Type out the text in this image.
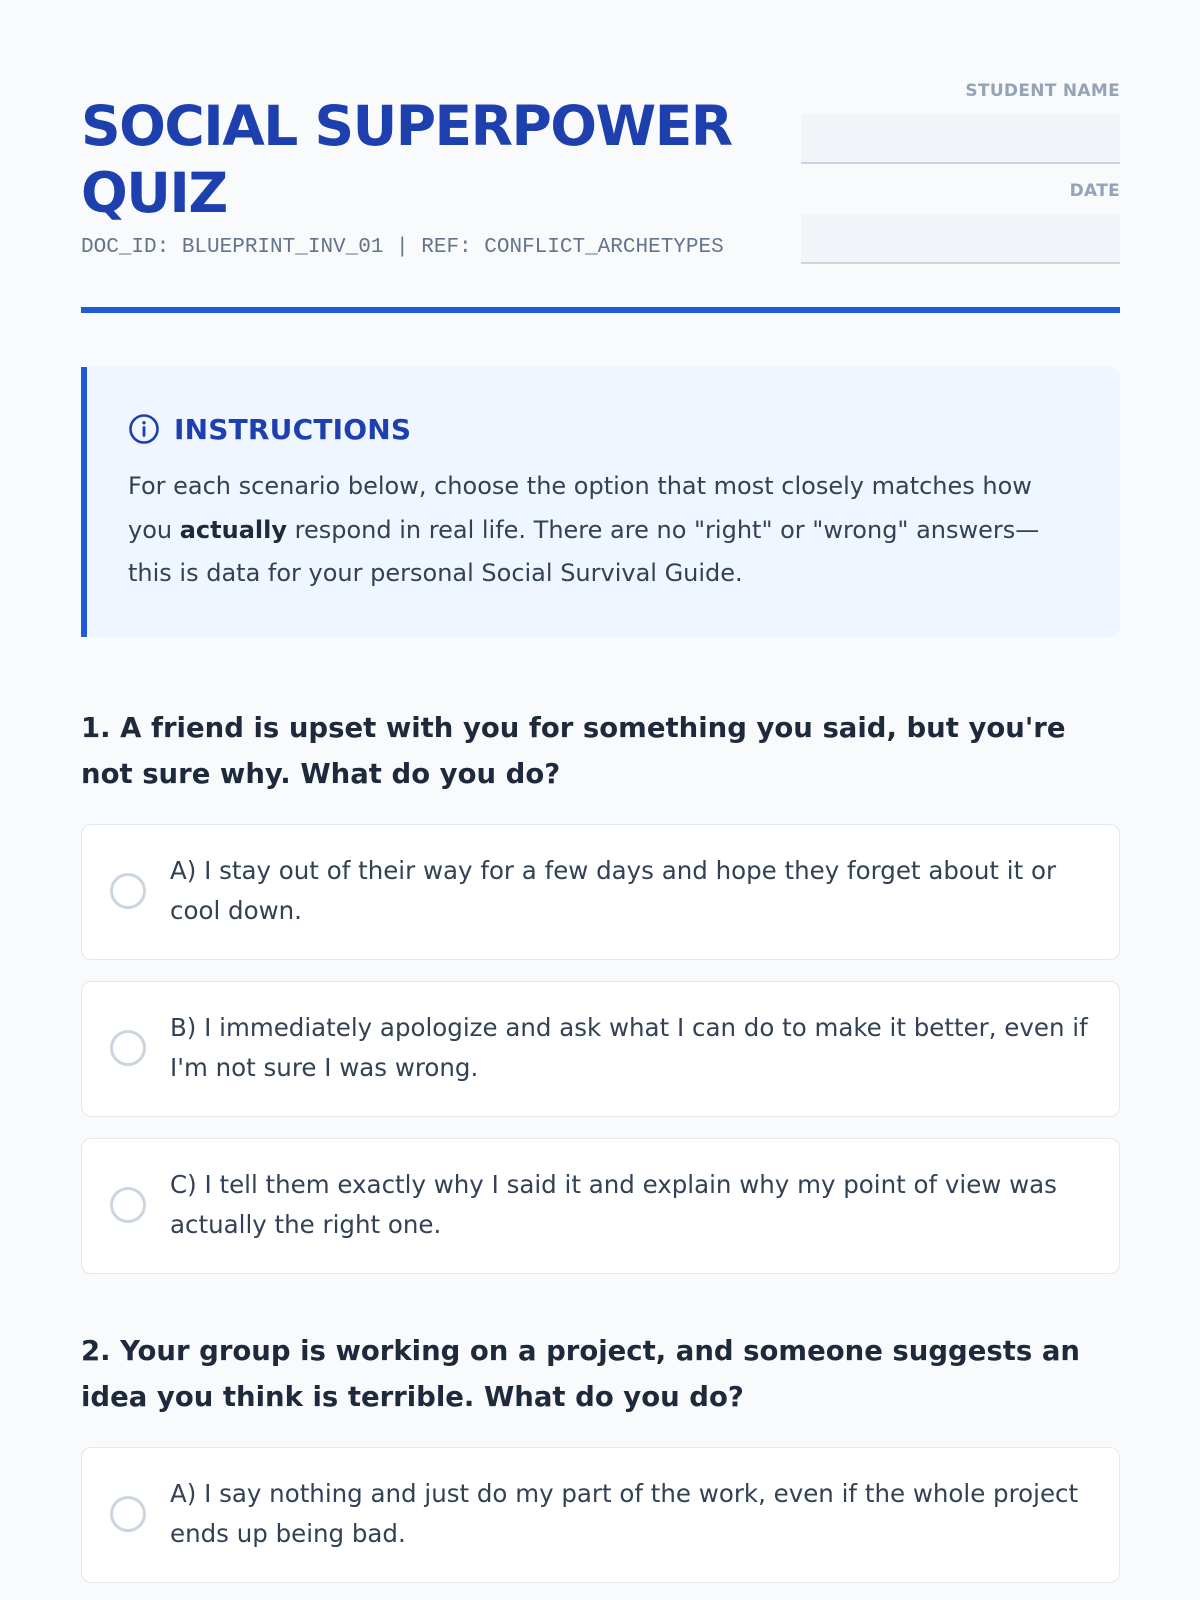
SOCIAL SUPERPOWER QUIZ
DOC_ID: BLUEPRINT_INV_01 | REF: CONFLICT_ARCHETYPES
STUDENT NAME
DATE
INSTRUCTIONS
For each scenario below, choose the option that most closely matches how you actually respond in real life. There are no "right" or "wrong" answers—this is data for your personal Social Survival Guide.

1. A friend is upset with you for something you said, but you're not sure why. What do you do?

A) I stay out of their way for a few days and hope they forget about it or cool down.
B) I immediately apologize and ask what I can do to make it better, even if I'm not sure I was wrong.
C) I tell them exactly why I said it and explain why my point of view was actually the right one.

2. Your group is working on a project, and someone suggests an idea you think is terrible. What do you do?

A) I say nothing and just do my part of the work, even if the whole project ends up being bad.
